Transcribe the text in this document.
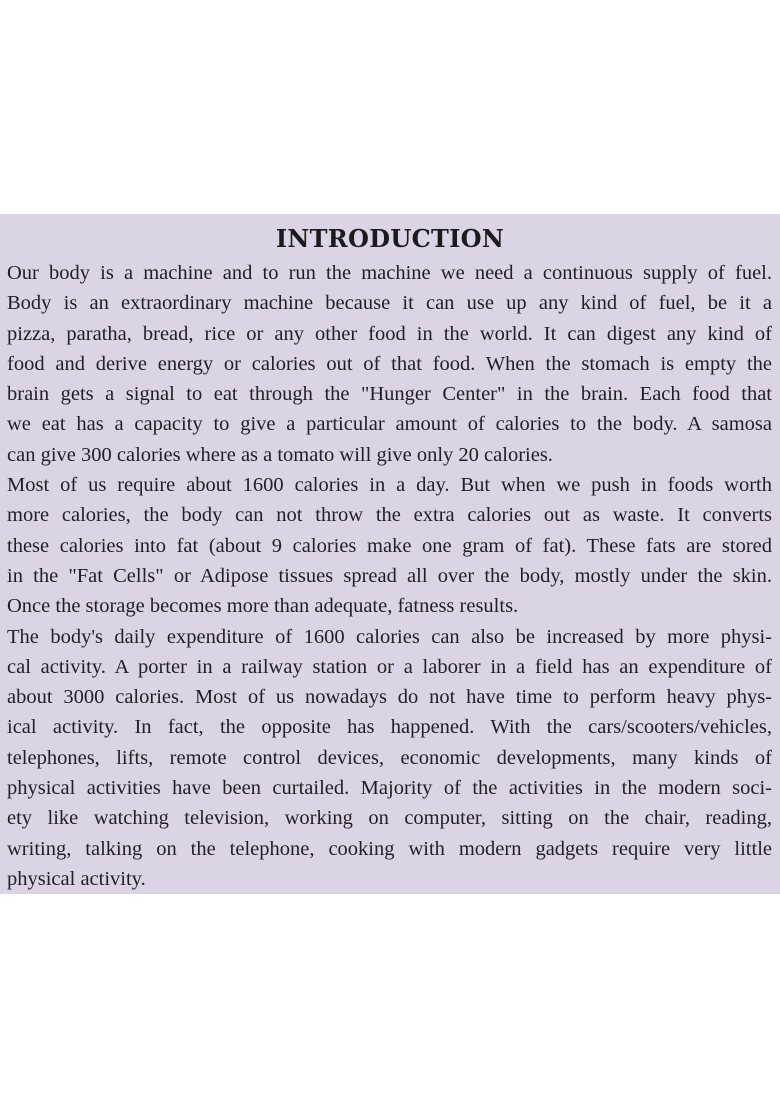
INTRODUCTION
Our body is a machine and to run the machine we need a continuous supply of fuel.
Body is an extraordinary machine because it can use up any kind of fuel, be it a
pizza, paratha, bread, rice or any other food in the world. It can digest any kind of
food and derive energy or calories out of that food. When the stomach is empty the
brain gets a signal to eat through the "Hunger Center" in the brain. Each food that
we eat has a capacity to give a particular amount of calories to the body. A samosa
can give 300 calories where as a tomato will give only 20 calories.
Most of us require about 1600 calories in a day. But when we push in foods worth
more calories, the body can not throw the extra calories out as waste. It converts
these calories into fat (about 9 calories make one gram of fat). These fats are stored
in the "Fat Cells" or Adipose tissues spread all over the body, mostly under the skin.
Once the storage becomes more than adequate, fatness results.
The body's daily expenditure of 1600 calories can also be increased by more physi-
cal activity. A porter in a railway station or a laborer in a field has an expenditure of
about 3000 calories. Most of us nowadays do not have time to perform heavy phys-
ical activity. In fact, the opposite has happened. With the cars/scooters/vehicles,
telephones, lifts, remote control devices, economic developments, many kinds of
physical activities have been curtailed. Majority of the activities in the modern soci-
ety like watching television, working on computer, sitting on the chair, reading,
writing, talking on the telephone, cooking with modern gadgets require very little
physical activity.
